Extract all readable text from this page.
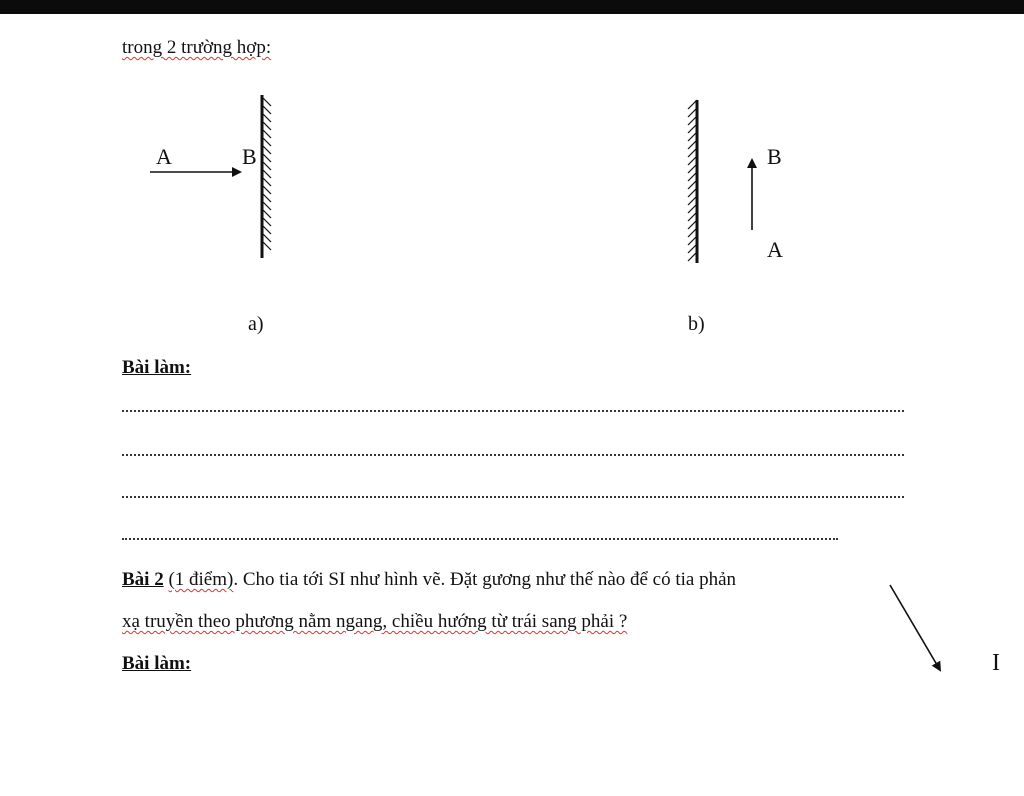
trong 2 trường hợp:
A	B
a)
B
A
b)
I
Bài làm:
Bài 2 (1 điểm). Cho tia tới SI như hình vẽ. Đặt gương như thế nào để có tia phản
xạ truyền theo phương nằm ngang, chiều hướng từ trái sang phải ?
Bài làm:
